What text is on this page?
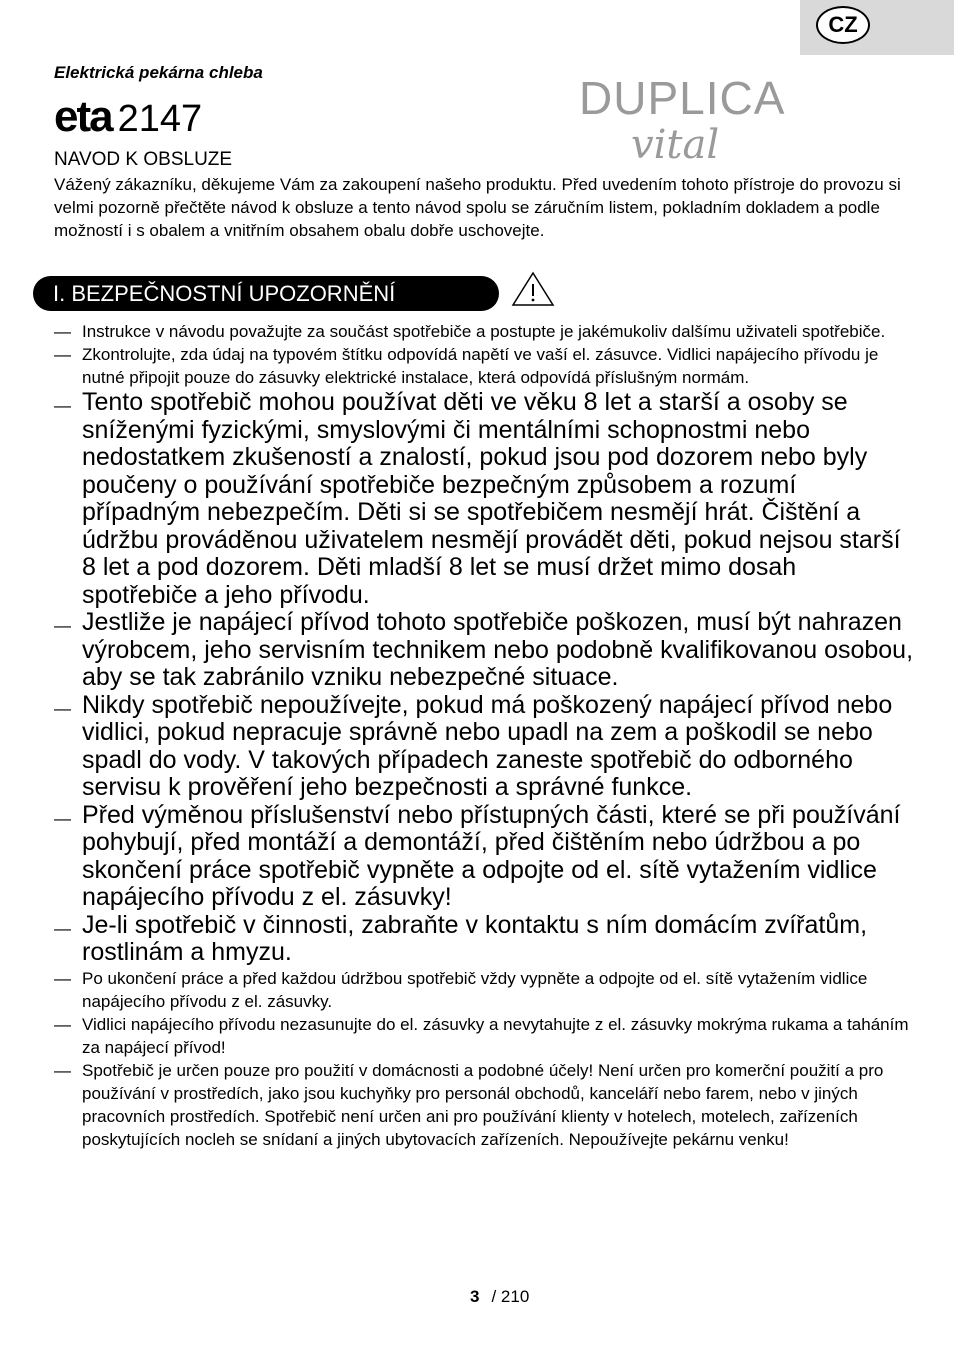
CZ
Elektrická pekárna chleba
eta 2147	DUPLICA
vital
NAVOD K OBSLUZE
Vážený zákazníku, děkujeme Vám za zakoupení našeho produktu. Před uvedením tohoto přístroje do provozu si velmi pozorně přečtěte návod k obsluze a tento návod spolu se záručním listem, pokladním dokladem a podle možností i s obalem a vnitřním obsahem obalu dobře uschovejte.
I. BEZPEČNOSTNÍ UPOZORNĚNÍ
— Instrukce v návodu považujte za součást spotřebiče a postupte je jakémukoliv dalšímu uživateli spotřebiče.
— Zkontrolujte, zda údaj na typovém štítku odpovídá napětí ve vaší el. zásuvce. Vidlici napájecího přívodu je nutné připojit pouze do zásuvky elektrické instalace, která odpovídá příslušným normám.
— Tento spotřebič mohou používat děti ve věku 8 let a starší a osoby se sníženými fyzickými, smyslovými či mentálními schopnostmi nebo nedostatkem zkušeností a znalostí, pokud jsou pod dozorem nebo byly poučeny o používání spotřebiče bezpečným způsobem a rozumí případným nebezpečím. Děti si se spotřebičem nesmějí hrát. Čištění a údržbu prováděnou uživatelem nesmějí provádět děti, pokud nejsou starší 8 let a pod dozorem. Děti mladší 8 let se musí držet mimo dosah spotřebiče a jeho přívodu.
— Jestliže je napájecí přívod tohoto spotřebiče poškozen, musí být nahrazen výrobcem, jeho servisním technikem nebo podobně kvalifikovanou osobou, aby se tak zabránilo vzniku nebezpečné situace.
— Nikdy spotřebič nepoužívejte, pokud má poškozený napájecí přívod nebo vidlici, pokud nepracuje správně nebo upadl na zem a poškodil se nebo spadl do vody. V takových případech zaneste spotřebič do odborného servisu k prověření jeho bezpečnosti a správné funkce.
— Před výměnou příslušenství nebo přístupných části, které se při používání pohybují, před montáží a demontáží, před čištěním nebo údržbou a po skončení práce spotřebič vypněte a odpojte od el. sítě vytažením vidlice napájecího přívodu z el. zásuvky!
— Je-li spotřebič v činnosti, zabraňte v kontaktu s ním domácím zvířatům, rostlinám a hmyzu.
— Po ukončení práce a před každou údržbou spotřebič vždy vypněte a odpojte od el. sítě vytažením vidlice napájecího přívodu z el. zásuvky.
— Vidlici napájecího přívodu nezasunujte do el. zásuvky a nevytahujte z el. zásuvky mokrýma rukama a taháním za napájecí přívod!
— Spotřebič je určen pouze pro použití v domácnosti a podobné účely! Není určen pro komerční použití a pro používání v prostředích, jako jsou kuchyňky pro personál obchodů, kanceláří nebo farem, nebo v jiných pracovních prostředích. Spotřebič není určen ani pro používání klienty v hotelech, motelech, zařízeních poskytujících nocleh se snídaní a jiných ubytovacích zařízeních. Nepoužívejte pekárnu venku!
3 / 210
